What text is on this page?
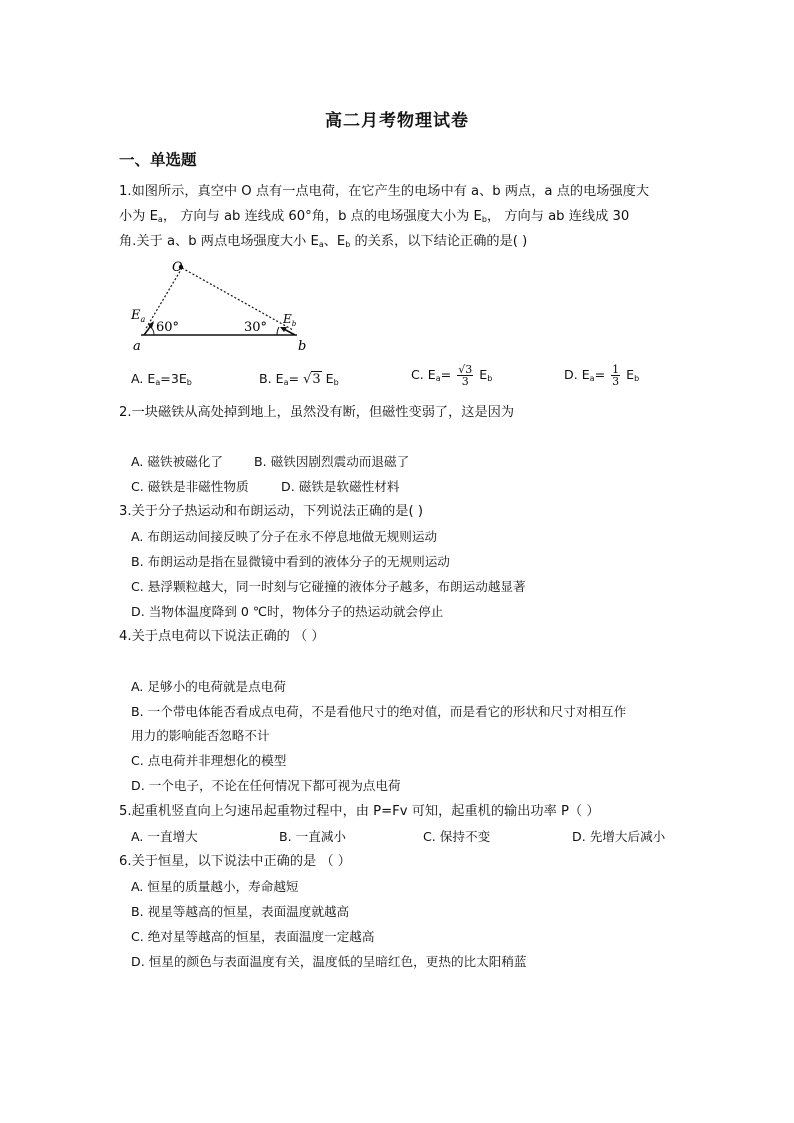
高二月考物理试卷
一、单选题
1.如图所示，真空中 O 点有一点电荷，在它产生的电场中有 a、b 两点，a 点的电场强度大
小为 $E_a$， 方向与 ab 连线成 60°角，b 点的电场强度大小为 $E_b$， 方向与 ab 连线成 30
角.关于 a、b 两点电场强度大小 $E_a$、$E_b$ 的关系，以下结论正确的是( )
O
$E_a$
60°	30°
$E_b$
a	b
A. $E_a=3E_b$	B. $E_a= √3$ $E_b$
C. $E_a= \frac{√3}{3} E_b$	D. $E_a= \frac{1}{3} E_b$
2.一块磁铁从高处掉到地上，虽然没有断，但磁性变弱了，这是因为
A. 磁铁被磁化了 B. 磁铁因剧烈震动而退磁了
C. 磁铁是非磁性物质	D. 磁铁是软磁性材料
3.关于分子热运动和布朗运动，下列说法正确的是( )
A. 布朗运动间接反映了分子在永不停息地做无规则运动
B. 布朗运动是指在显微镜中看到的液体分子的无规则运动
C. 悬浮颗粒越大，同一时刻与它碰撞的液体分子越多，布朗运动越显著
D. 当物体温度降到 0 ℃时，物体分子的热运动就会停止
4.关于点电荷以下说法正确的 （ ）
A. 足够小的电荷就是点电荷
B. 一个带电体能否看成点电荷，不是看他尺寸的绝对值，而是看它的形状和尺寸对相互作
用力的影响能否忽略不计
C. 点电荷并非理想化的模型
D. 一个电子，不论在任何情况下都可视为点电荷
5.起重机竖直向上匀速吊起重物过程中，由 P=Fv 可知，起重机的输出功率 P（ ）
A. 一直增大	B. 一直减小	C. 保持不变	D. 先增大后减小
6.关于恒星，以下说法中正确的是 （ ）
A. 恒星的质量越小，寿命越短
B. 视星等越高的恒星，表面温度就越高
C. 绝对星等越高的恒星，表面温度一定越高
D. 恒星的颜色与表面温度有关，温度低的呈暗红色，更热的比太阳稍蓝
